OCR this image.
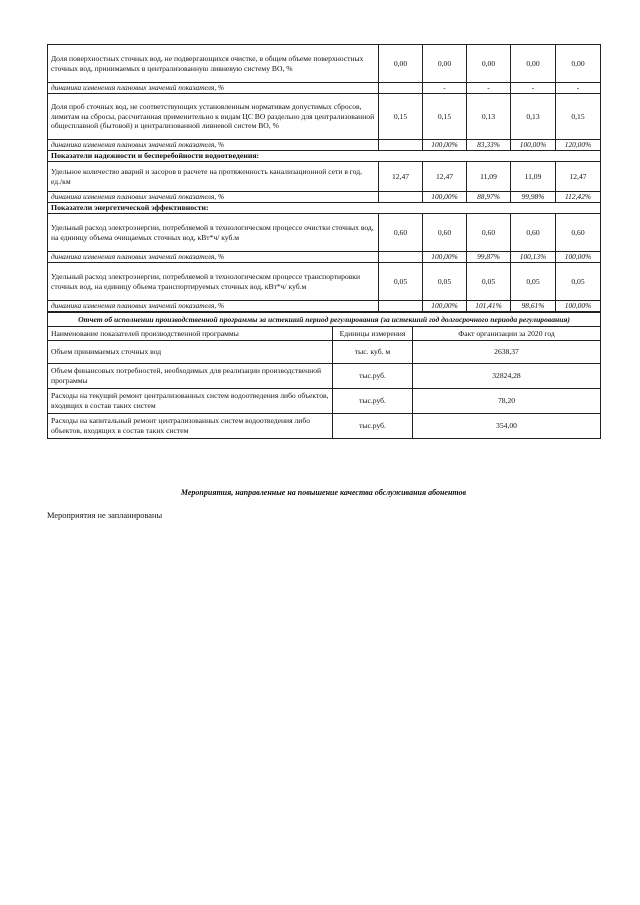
Доля поверхностных сточных вод, не подвергающихся очистке, в общем объеме поверхностных сточных вод, принимаемых в централизованную ливневую систему ВО, %	0,00	0,00	0,00	0,00	0,00
динамика изменения плановых значений показателя, %		-	-	-	-
Доля проб сточных вод, не соответствующих установленным нормативам допустимых сбросов, лимитам на сбросы, рассчитанная применительно к видам ЦС ВО раздельно для централизованной общесплавной (бытовой) и централизованной ливневой систем ВО, %	0,15	0,15	0,13	0,13	0,15
динамика изменения плановых значений показателя, %		100,00%	83,33%	100,00%	120,00%
Показатели надежности и бесперебойности водоотведения:					
Удельное количество аварий и засоров в расчете на протяженность канализационной сети в год, ед./км	12,47	12,47	11,09	11,09	12,47
динамика изменения плановых значений показателя, %		100,00%	88,97%	99,98%	112,42%
Показатели энергетической эффективности:					
Удельный расход электроэнергии, потребляемой в технологическом процессе очистки сточных вод, на единицу объема очищаемых сточных вод, кВт*ч/ куб.м	0,60	0,60	0,60	0,60	0,60
динамика изменения плановых значений показателя, %		100,00%	99,87%	100,13%	100,00%
Удельный расход электроэнергии, потребляемой в технологическом процессе транспортировки сточных вод, на единицу объема транспортируемых сточных вод, кВт*ч/ куб.м	0,05	0,05	0,05	0,05	0,05
динамика изменения плановых значений показателя, %		100,00%	101,41%	98,61%	100,00%
Отчет об исполнении производственной программы за истекший период регулирования (за истекший год долгосрочного периода регулирования)		
Наименование показателей производственной программы	Единицы измерения	Факт организации за 2020 год
Объем принимаемых сточных вод	тыс. куб. м	2638,37
Объем финансовых потребностей, необходимых для реализации производственной программы	тыс.руб.	32824,28
Расходы на текущий ремонт централизованных систем водоотведения либо объектов, входящих в состав таких систем	тыс.руб.	78,20
Расходы на капитальный ремонт централизованных систем водоотведения либо объектов, входящих в состав таких систем	тыс.руб.	354,00
Мероприятия, направленные на повышение качества обслуживания абонентов
Мероприятия не запланированы
